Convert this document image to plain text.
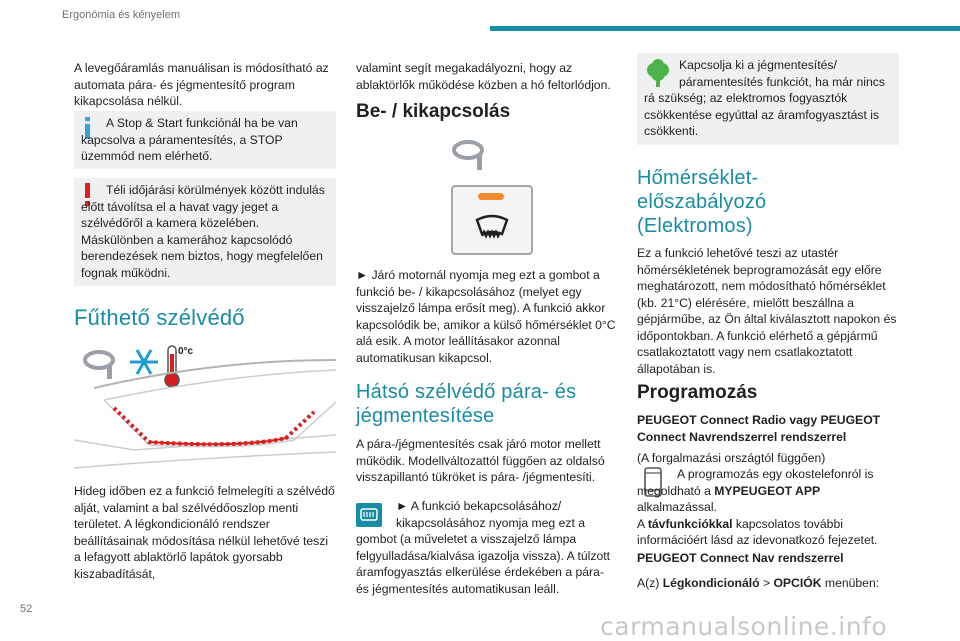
Ergonómia és kényelem

A levegőáramlás manuálisan is módosítható az automata pára- és jégmentesítő program kikapcsolása nélkül.

A Stop & Start funkciónál ha be van kapcsolva a páramentesítés, a STOP üzemmód nem elérhető.

Téli időjárási körülmények között indulás előtt távolítsa el a havat vagy jeget a szélvédőről a kamera közelében. Máskülönben a kamerához kapcsolódó berendezések nem biztos, hogy megfelelően fognak működni.

Fűthető szélvédő
0°c

Hideg időben ez a funkció felmelegíti a szélvédő alját, valamint a bal szélvédőoszlop menti területet. A légkondicionáló rendszer beállításainak módosítása nélkül lehetővé teszi a lefagyott ablaktörlő lapátok gyorsabb kiszabadítását,

valamint segít megakadályozni, hogy az ablaktörlők működése közben a hó feltorlódjon.

Be- / kikapcsolás

► Járó motornál nyomja meg ezt a gombot a funkció be- / kikapcsolásához (melyet egy visszajelző lámpa erősít meg). A funkció akkor kapcsolódik be, amikor a külső hőmérséklet 0°C alá esik. A motor leállításakor azonnal automatikusan kikapcsol.

Hátsó szélvédő pára- és jégmentesítése

A pára-/jégmentesítés csak járó motor mellett működik. Modellváltozattól függően az oldalsó visszapillantó tükröket is pára- /jégmentesíti.

► A funkció bekapcsolásához/ kikapcsolásához nyomja meg ezt a

gombot (a műveletet a visszajelző lámpa felgyulladása/kialvása igazolja vissza). A túlzott áramfogyasztás elkerülése érdekében a pára- és jégmentesítés automatikusan leáll.

Kapcsolja ki a jégmentesítés/ páramentesítés funkciót, ha már nincs

rá szükség; az elektromos fogyasztók csökkentése egyúttal az áramfogyasztást is csökkenti.

Hőmérséklet-előszabályozó (Elektromos)

Ez a funkció lehetővé teszi az utastér hőmérsékletének beprogramozását egy előre meghatározott, nem módosítható hőmérséklet (kb. 21°C) elérésére, mielőtt beszállna a gépjárműbe, az Ön által kiválasztott napokon és időpontokban. A funkció elérhető a gépjármű csatlakoztatott vagy nem csatlakoztatott állapotában is.

Programozás

PEUGEOT Connect Radio vagy PEUGEOT Connect Navrendszerrel rendszerrel

(A forgalmazási országtól függően)

A programozás egy okostelefonról is megoldható a MYPEUGEOT APP alkalmazással.

A távfunkciókkal kapcsolatos további információért lásd az idevonatkozó fejezetet.

PEUGEOT Connect Nav rendszerrel

A(z) Légkondicionáló > OPCIÓK menüben:

52
carmanualsonline.info
